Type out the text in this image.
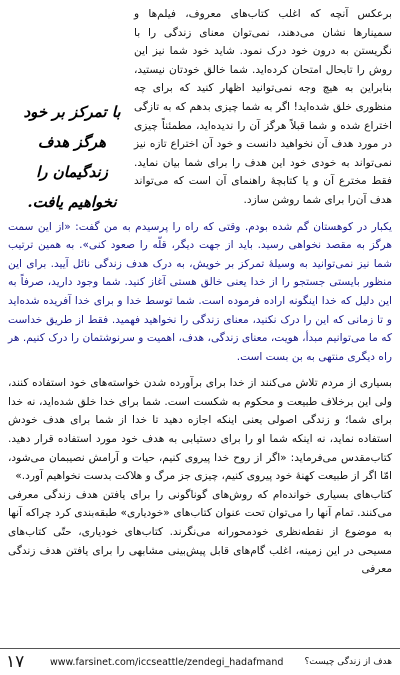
با تمرکز بر خود هرگز هدف زندگیمان را نخواهیم یافت.

برعکس آنچه که اغلب کتاب‌های معروف، فیلم‌ها و سمینارها نشان می‌دهند، نمی‌توان معنای زندگی را با نگریستن به درون خود درک نمود. شاید خود شما نیز این روش را تابحال امتحان کرده‌اید. شما خالق خودتان نیستید، بنابراین به هیچ وجه نمی‌توانید اظهار کنید که برای چه منظوری خلق شده‌اید! اگر به شما چیزی بدهم که به تازگی اختراع شده و شما قبلاً هرگز آن را ندیده‌اید، مطمئناً چیزی در مورد هدف آن نخواهید دانست و خود آن اختراع تازه نیز نمی‌تواند به خودی خود این هدف را برای شما بیان نماید. فقط مخترع آن و یا کتابچهٔ راهنمای آن است که می‌تواند هدف آن‌را برای شما روشن سازد.

یکبار در کوهستان گم شده بودم. وقتی که راه را پرسیدم به من گفت: «از این سمت هرگز به مقصد نخواهی رسید. باید از جهت دیگر، قلّه را صعود کنی». به همین ترتیب شما نیز نمی‌توانید به وسیلهٔ تمرکز بر خویش، به درک هدف زندگی نائل آیید. برای این منظور بایستی جستجو را از خدا یعنی خالق هستی آغاز کنید. شما وجود دارید، صرفاً به این دلیل که خدا اینگونه اراده فرموده است. شما توسط خدا و برای خدا آفریده شده‌اید و تا زمانی که این را درک نکنید، معنای زندگی را نخواهید فهمید. فقط از طریق خداست که ما می‌توانیم مبدأ، هویت، معنای زندگی، هدف، اهمیت و سرنوشتمان را درک کنیم. هر راه دیگری منتهی به بن بست است.

بسیاری از مردم تلاش می‌کنند از خدا برای برآورده شدن خواسته‌های خود استفاده کنند، ولی این برخلاف طبیعت و محکوم به شکست است. شما برای خدا خلق شده‌اید، نه خدا برای شما؛ و زندگی اصولی یعنی اینکه اجازه دهید تا خدا از شما برای هدف خودش استفاده نماید، نه اینکه شما او را برای دستیابی به هدف خود مورد استفاده قرار دهید. کتاب‌مقدس می‌فرماید: «اگر از روح خدا پیروی کنیم، حیات و آرامش نصیبمان می‌شود، امّا اگر از طبیعت کهنهٔ خود پیروی کنیم، چیزی جز مرگ و هلاکت بدست نخواهیم آورد.»

کتاب‌های بسیاری خوانده‌ام که روش‌های گوناگونی را برای یافتن هدف زندگی معرفی می‌کنند. تمام آنها را می‌توان تحت عنوان کتاب‌های «خودیاری» طبقه‌بندی کرد چراکه آنها به موضوع از نقطه‌نظری خودمحورانه می‌نگرند. کتاب‌های خودیاری، حتّی کتاب‌های مسیحی در این زمینه، اغلب گام‌های قابل پیش‌بینی مشابهی را برای یافتن هدف زندگی معرفی

١٧	www.farsinet.com/iccseattle/zendegi_hadafmand	هدف از زندگی چیست؟
